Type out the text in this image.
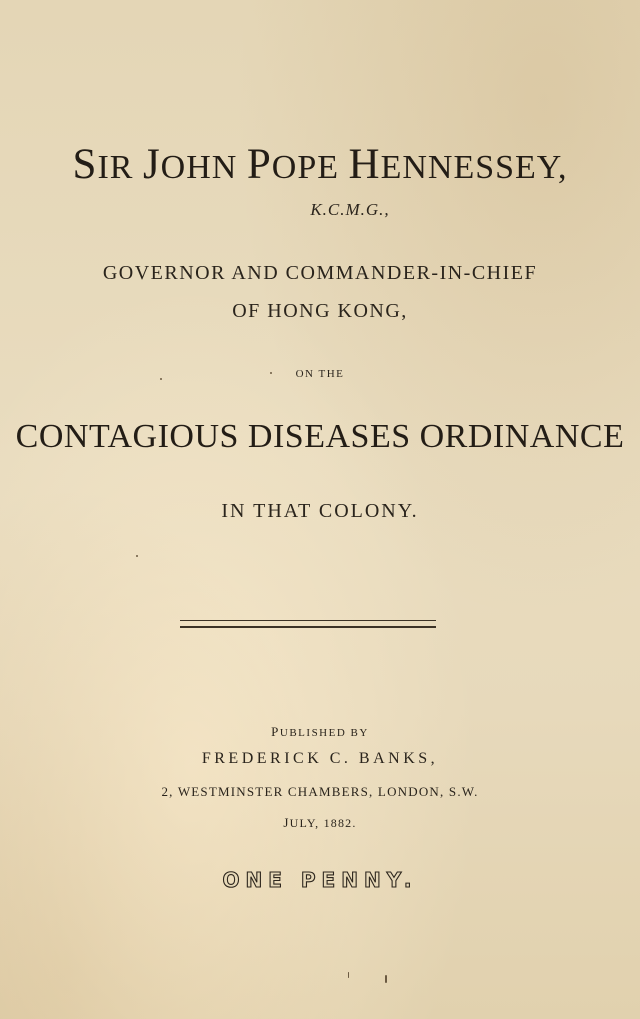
SIR JOHN POPE HENNESSEY,
K.C.M.G.,
GOVERNOR AND COMMANDER-IN-CHIEF
OF HONG KONG,
ON THE
CONTAGIOUS DISEASES ORDINANCE
IN THAT COLONY.
PUBLISHED BY
FREDERICK C. BANKS,
2, WESTMINSTER CHAMBERS, LONDON, S.W.
JULY, 1882.
ONE PENNY.
